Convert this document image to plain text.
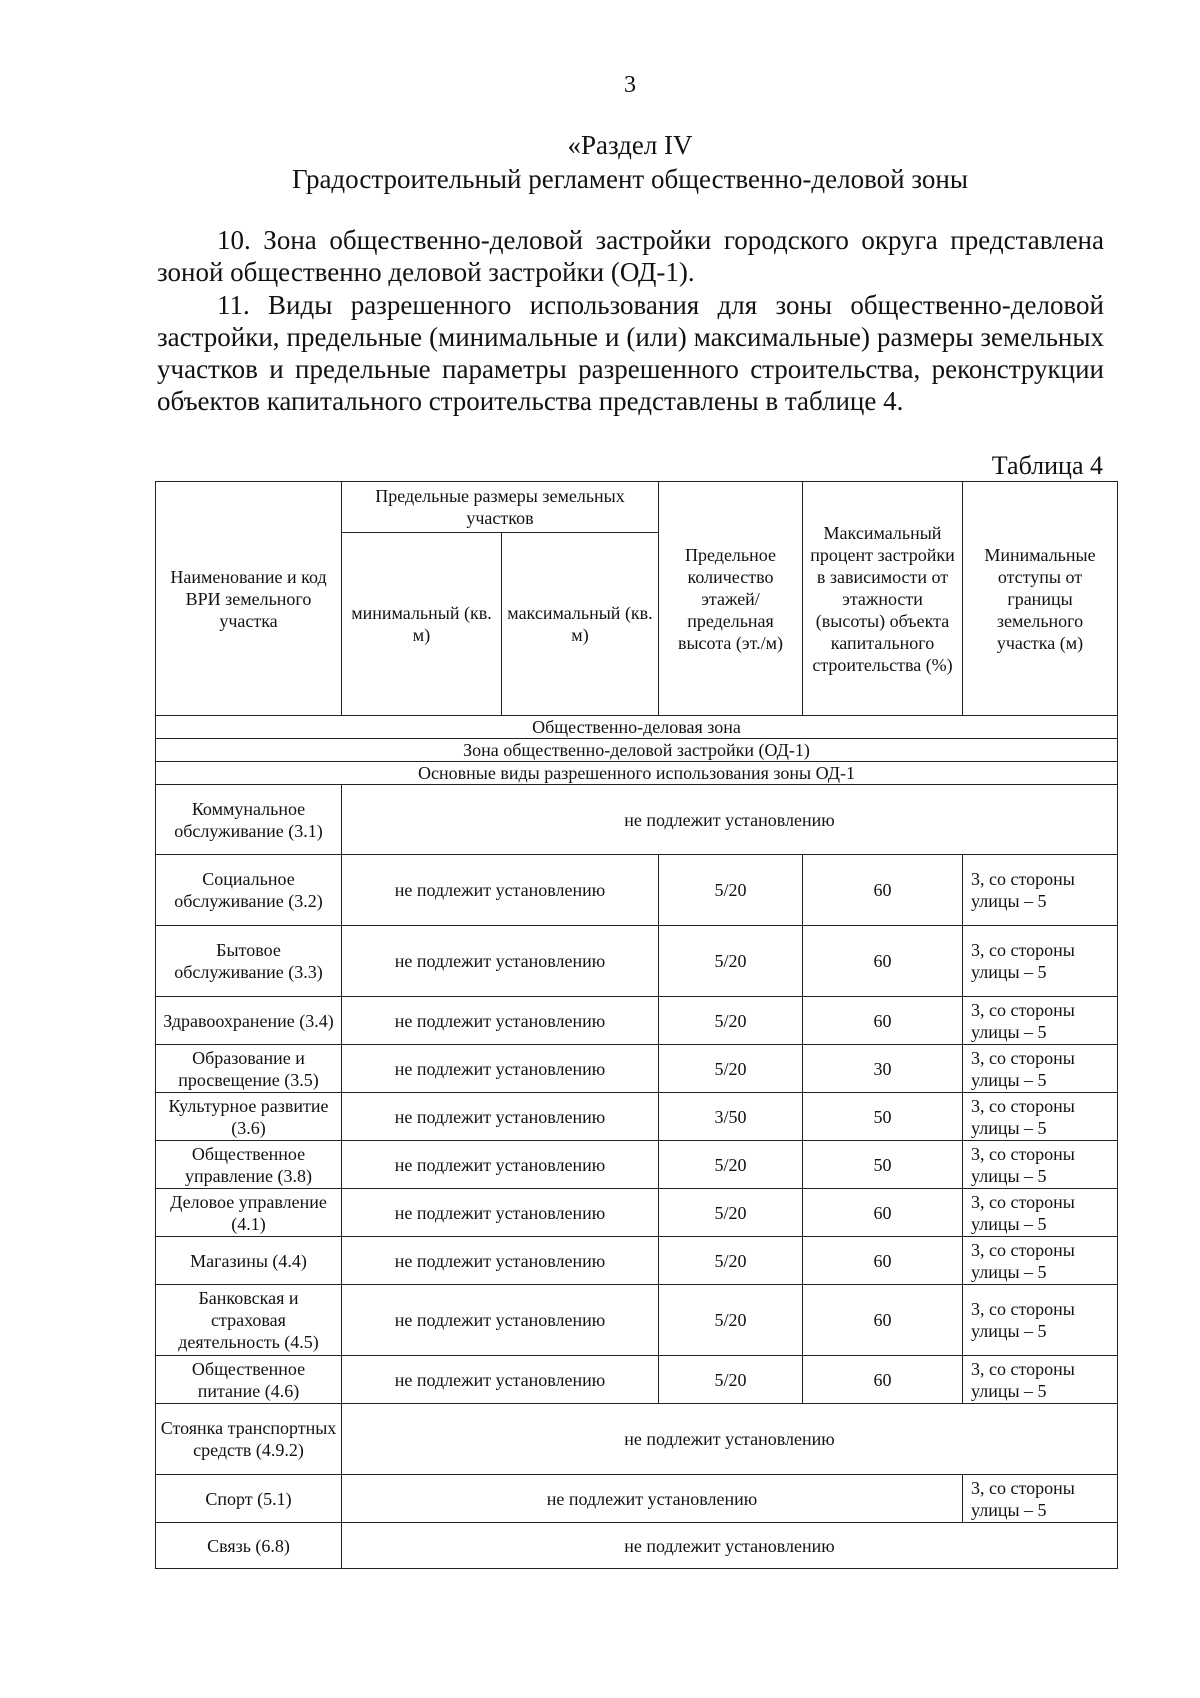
3
«Раздел IV
Градостроительный регламент общественно-деловой зоны
10. Зона общественно-деловой застройки городского округа представлена зоной общественно деловой застройки (ОД-1).
11. Виды разрешенного использования для зоны общественно-деловой застройки, предельные (минимальные и (или) максимальные) размеры земельных участков и предельные параметры разрешенного строительства, реконструкции объектов капитального строительства представлены в таблице 4.
Таблица 4
Наименование и код ВРИ земельного участка	Предельные размеры земельных участков		Предельное количество этажей/ предельная высота (эт./м)	Максимальный процент застройки в зависимости от этажности (высоты) объекта капитального строительства (%)	Минимальные отступы от границы земельного участка (м)
	минимальный (кв. м)	максимальный (кв. м)			
Общественно-деловая зона					
Зона общественно-деловой застройки (ОД-1)					
Основные виды разрешенного использования зоны ОД-1					
Коммунальное обслуживание (3.1)	не подлежит установлению				
Социальное обслуживание (3.2)	не подлежит установлению		5/20	60	3, со стороны улицы – 5
Бытовое обслуживание (3.3)	не подлежит установлению		5/20	60	3, со стороны улицы – 5
Здравоохранение (3.4)	не подлежит установлению		5/20	60	3, со стороны улицы – 5
Образование и просвещение (3.5)	не подлежит установлению		5/20	30	3, со стороны улицы – 5
Культурное развитие (3.6)	не подлежит установлению		3/50	50	3, со стороны улицы – 5
Общественное управление (3.8)	не подлежит установлению		5/20	50	3, со стороны улицы – 5
Деловое управление (4.1)	не подлежит установлению		5/20	60	3, со стороны улицы – 5
Магазины (4.4)	не подлежит установлению		5/20	60	3, со стороны улицы – 5
Банковская и страховая деятельность (4.5)	не подлежит установлению		5/20	60	3, со стороны улицы – 5
Общественное питание (4.6)	не подлежит установлению		5/20	60	3, со стороны улицы – 5
Стоянка транспортных средств (4.9.2)	не подлежит установлению				
Спорт (5.1)	не подлежит установлению				3, со стороны улицы – 5
Связь (6.8)	не подлежит установлению				
